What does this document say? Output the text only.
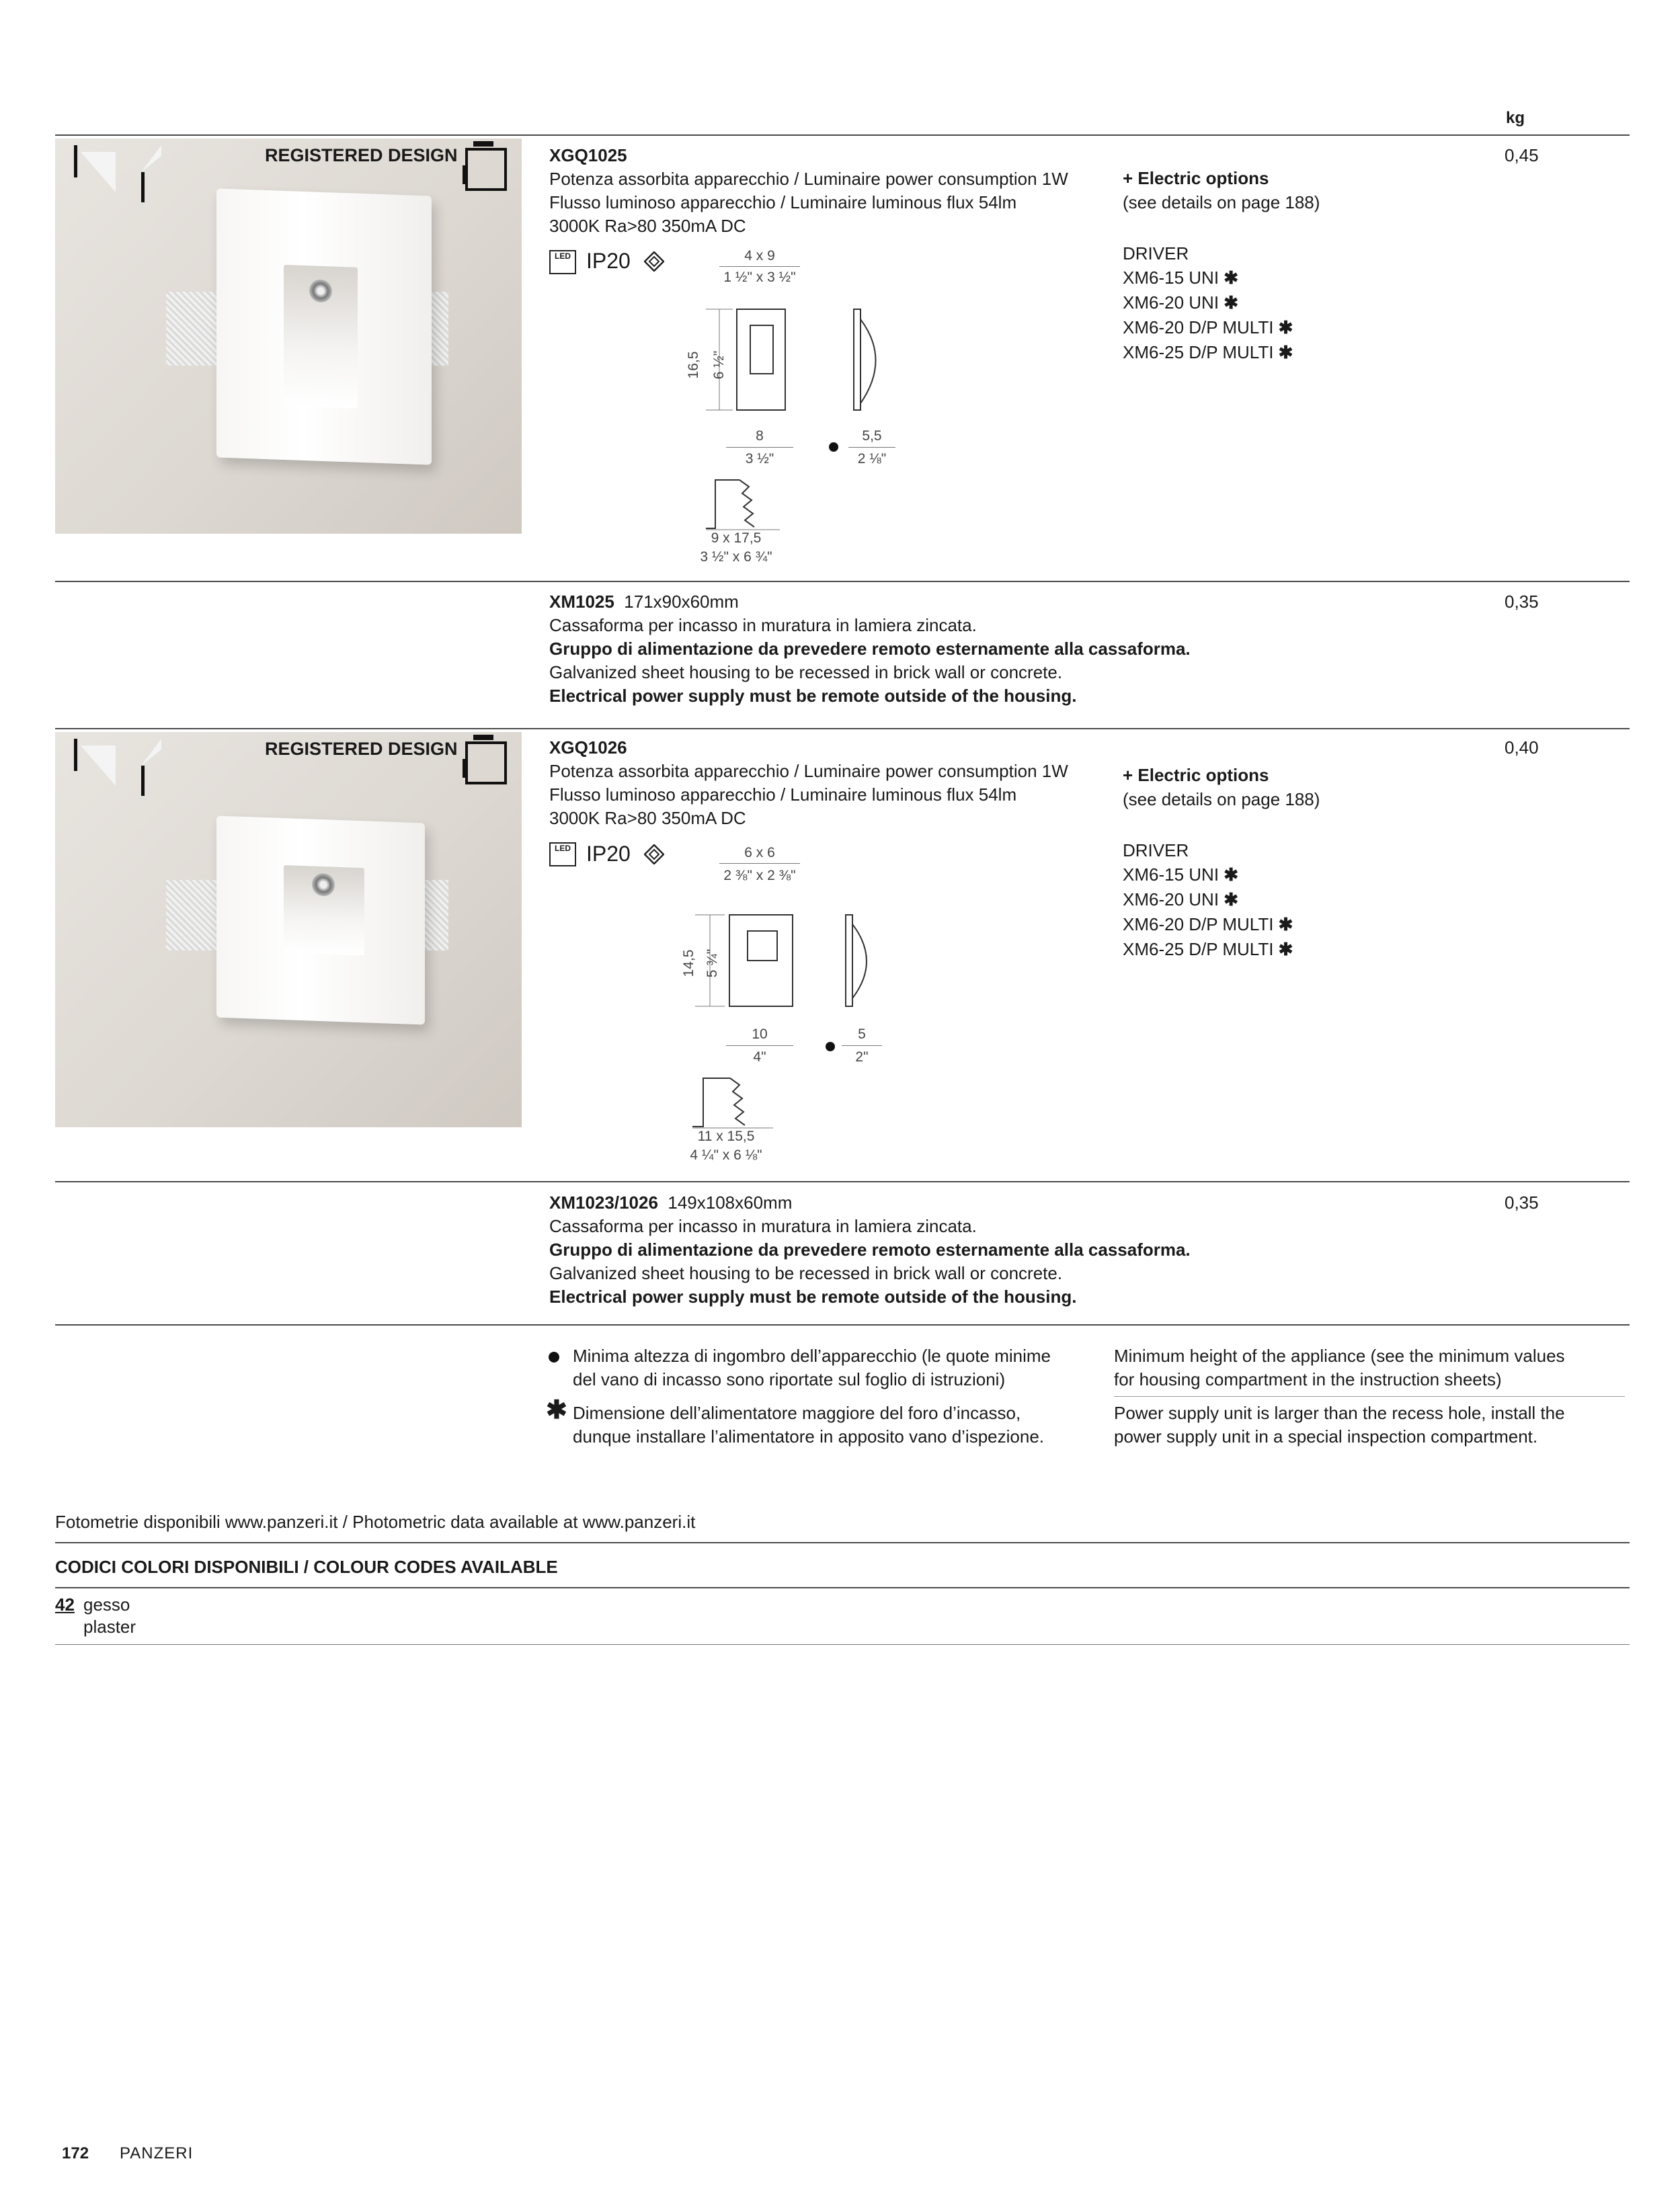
kg
REGISTERED DESIGN	XGQ1025
Potenza assorbita apparecchio / Luminaire power consumption 1W
Flusso luminoso apparecchio / Luminaire luminous flux 54lm
3000K Ra>80 350mA DC
LED IP20	4 x 9
1 ½" x 3 ½"
16,5 6 ½"
8
3 ½"
5,5
2 ⅛"
9 x 17,5
3 ½" x 6 ¾"
+ Electric options
(see details on page 188)
DRIVER
XM6-15 UNI ✱
XM6-20 UNI ✱
XM6-20 D/P MULTI ✱
XM6-25 D/P MULTI ✱
0,45
XM1025 171x90x60mm
Cassaforma per incasso in muratura in lamiera zincata.
Gruppo di alimentazione da prevedere remoto esternamente alla cassaforma.
Galvanized sheet housing to be recessed in brick wall or concrete.
Electrical power supply must be remote outside of the housing.
0,35
REGISTERED DESIGN	XGQ1026
Potenza assorbita apparecchio / Luminaire power consumption 1W
Flusso luminoso apparecchio / Luminaire luminous flux 54lm
3000K Ra>80 350mA DC
LED IP20	6 x 6
2 ⅜" x 2 ⅜"
14,5 5 ¾"
10
4"
5
2"
11 x 15,5
4 ¼" x 6 ⅛"
+ Electric options
(see details on page 188)
DRIVER
XM6-15 UNI ✱
XM6-20 UNI ✱
XM6-20 D/P MULTI ✱
XM6-25 D/P MULTI ✱
0,40
XM1023/1026 149x108x60mm
Cassaforma per incasso in muratura in lamiera zincata.
Gruppo di alimentazione da prevedere remoto esternamente alla cassaforma.
Galvanized sheet housing to be recessed in brick wall or concrete.
Electrical power supply must be remote outside of the housing.
0,35
Minima altezza di ingombro dell’apparecchio (le quote minime
del vano di incasso sono riportate sul foglio di istruzioni)
Minimum height of the appliance (see the minimum values
for housing compartment in the instruction sheets)
✱ Dimensione dell’alimentatore maggiore del foro d’incasso,
dunque installare l’alimentatore in apposito vano d’ispezione.
Power supply unit is larger than the recess hole, install the
power supply unit in a special inspection compartment.
Fotometrie disponibili www.panzeri.it / Photometric data available at www.panzeri.it
CODICI COLORI DISPONIBILI / COLOUR CODES AVAILABLE
42 gesso
plaster
172 PANZERI
